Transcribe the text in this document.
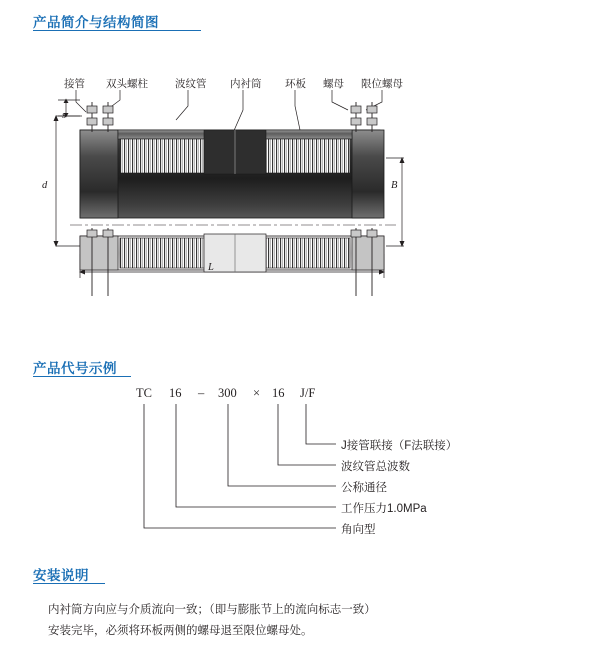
产品简介与结构简图
产品代号示例
安装说明
接管 双头螺柱	波纹管 内衬筒 环板 螺母 限位螺母
s
d	B
L
TC 16 – 300 × 16 J/F
J接管联接（F法联接）
波纹管总波数
公称通径
工作压力1.0MPa
角向型
内衬筒方向应与介质流向一致；（即与膨胀节上的流向标志一致）
安装完毕，必须将环板两侧的螺母退至限位螺母处。
